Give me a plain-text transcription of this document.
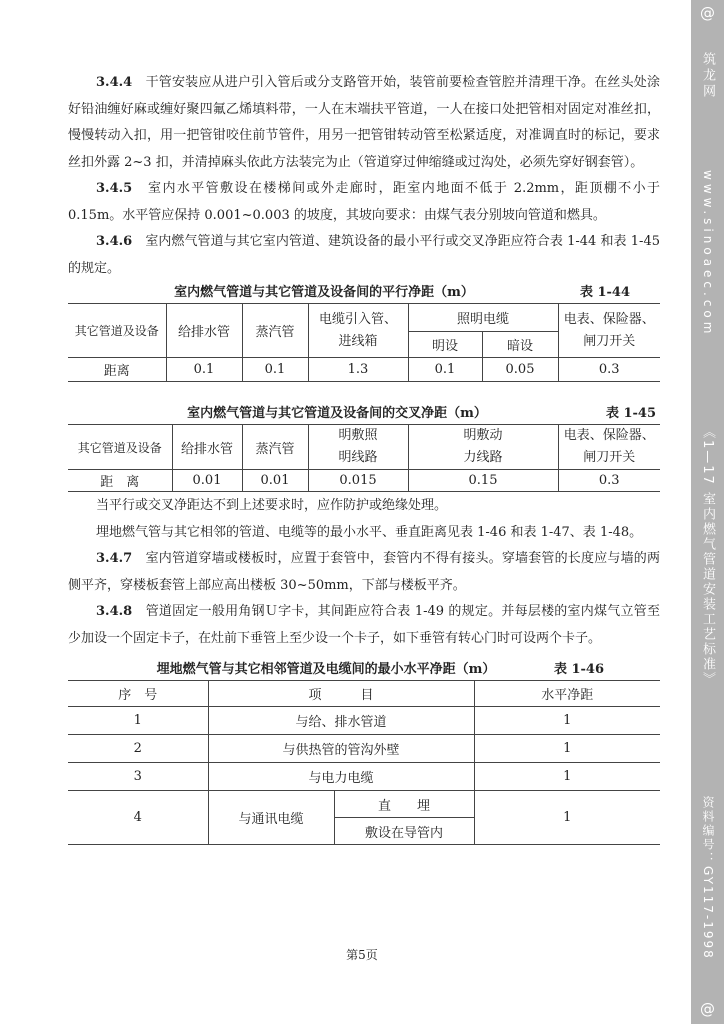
@
筑龙网
www.sinoaec.com
《1—17 室内燃气管道安装工艺标准》
资料编号：GY117-1998
@

3.4.4　 干管安装应从进户引入管后或分支路管开始，装管前要检查管腔并清理干净。在丝头处涂好铅油缠好麻或缠好聚四氟乙烯填料带，一人在末端扶平管道，一人在接口处把管相对固定对准丝扣，慢慢转动入扣，用一把管钳咬住前节管件，用另一把管钳转动管至松紧适度，对准调直时的标记，要求丝扣外露 2~3 扣，并清掉麻头依此方法装完为止（管道穿过伸缩缝或过沟处，必须先穿好钢套管）。

3.4.5　 室内水平管敷设在楼梯间或外走廊时，距室内地面不低于 2.2mm，距顶棚不小于 0.15m。水平管应保持 0.001~0.003 的坡度，其坡向要求：由煤气表分别坡向管道和燃具。

3.4.6　 室内燃气管道与其它室内管道、建筑设备的最小平行或交叉净距应符合表 1-44 和表 1-45 的规定。

室内燃气管道与其它管道及设备间的平行净距（m）	表 1-44
其它管道及设备	给排水管	蒸汽管	电缆引入管、
进线箱	照明电缆		电表、保险器、
闸刀开关
				明设	暗设	
距离	0.1	0.1	1.3	0.1	0.05	0.3
室内燃气管道与其它管道及设备间的交叉净距（m）	表 1-45
其它管道及设备	给排水管	蒸汽管	明敷照
明线路	明敷动
力线路	电表、保险器、
闸刀开关
距　离	0.01	0.01	0.015	0.15	0.3

当平行或交叉净距达不到上述要求时，应作防护或绝缘处理。

埋地燃气管与其它相邻的管道、电缆等的最小水平、垂直距离见表 1-46 和表 1-47、表 1-48。

3.4.7　 室内管道穿墙或楼板时，应置于套管中，套管内不得有接头。穿墙套管的长度应与墙的两侧平齐，穿楼板套管上部应高出楼板 30~50mm，下部与楼板平齐。

3.4.8　 管道固定一般用角钢Ｕ字卡，其间距应符合表 1-49 的规定。并每层楼的室内煤气立管至少加设一个固定卡子，在灶前下垂管上至少设一个卡子，如下垂管有转心门时可设两个卡子。

埋地燃气管与其它相邻管道及电缆间的最小水平净距（m）	表 1-46
序　号	项　　　目		水平净距
1	与给、排水管道		1
2	与供热管的管沟外壁		1
3	与电力电缆		1
4	与通讯电缆	直　　埋	1
		敷设在导管内	
第5页
